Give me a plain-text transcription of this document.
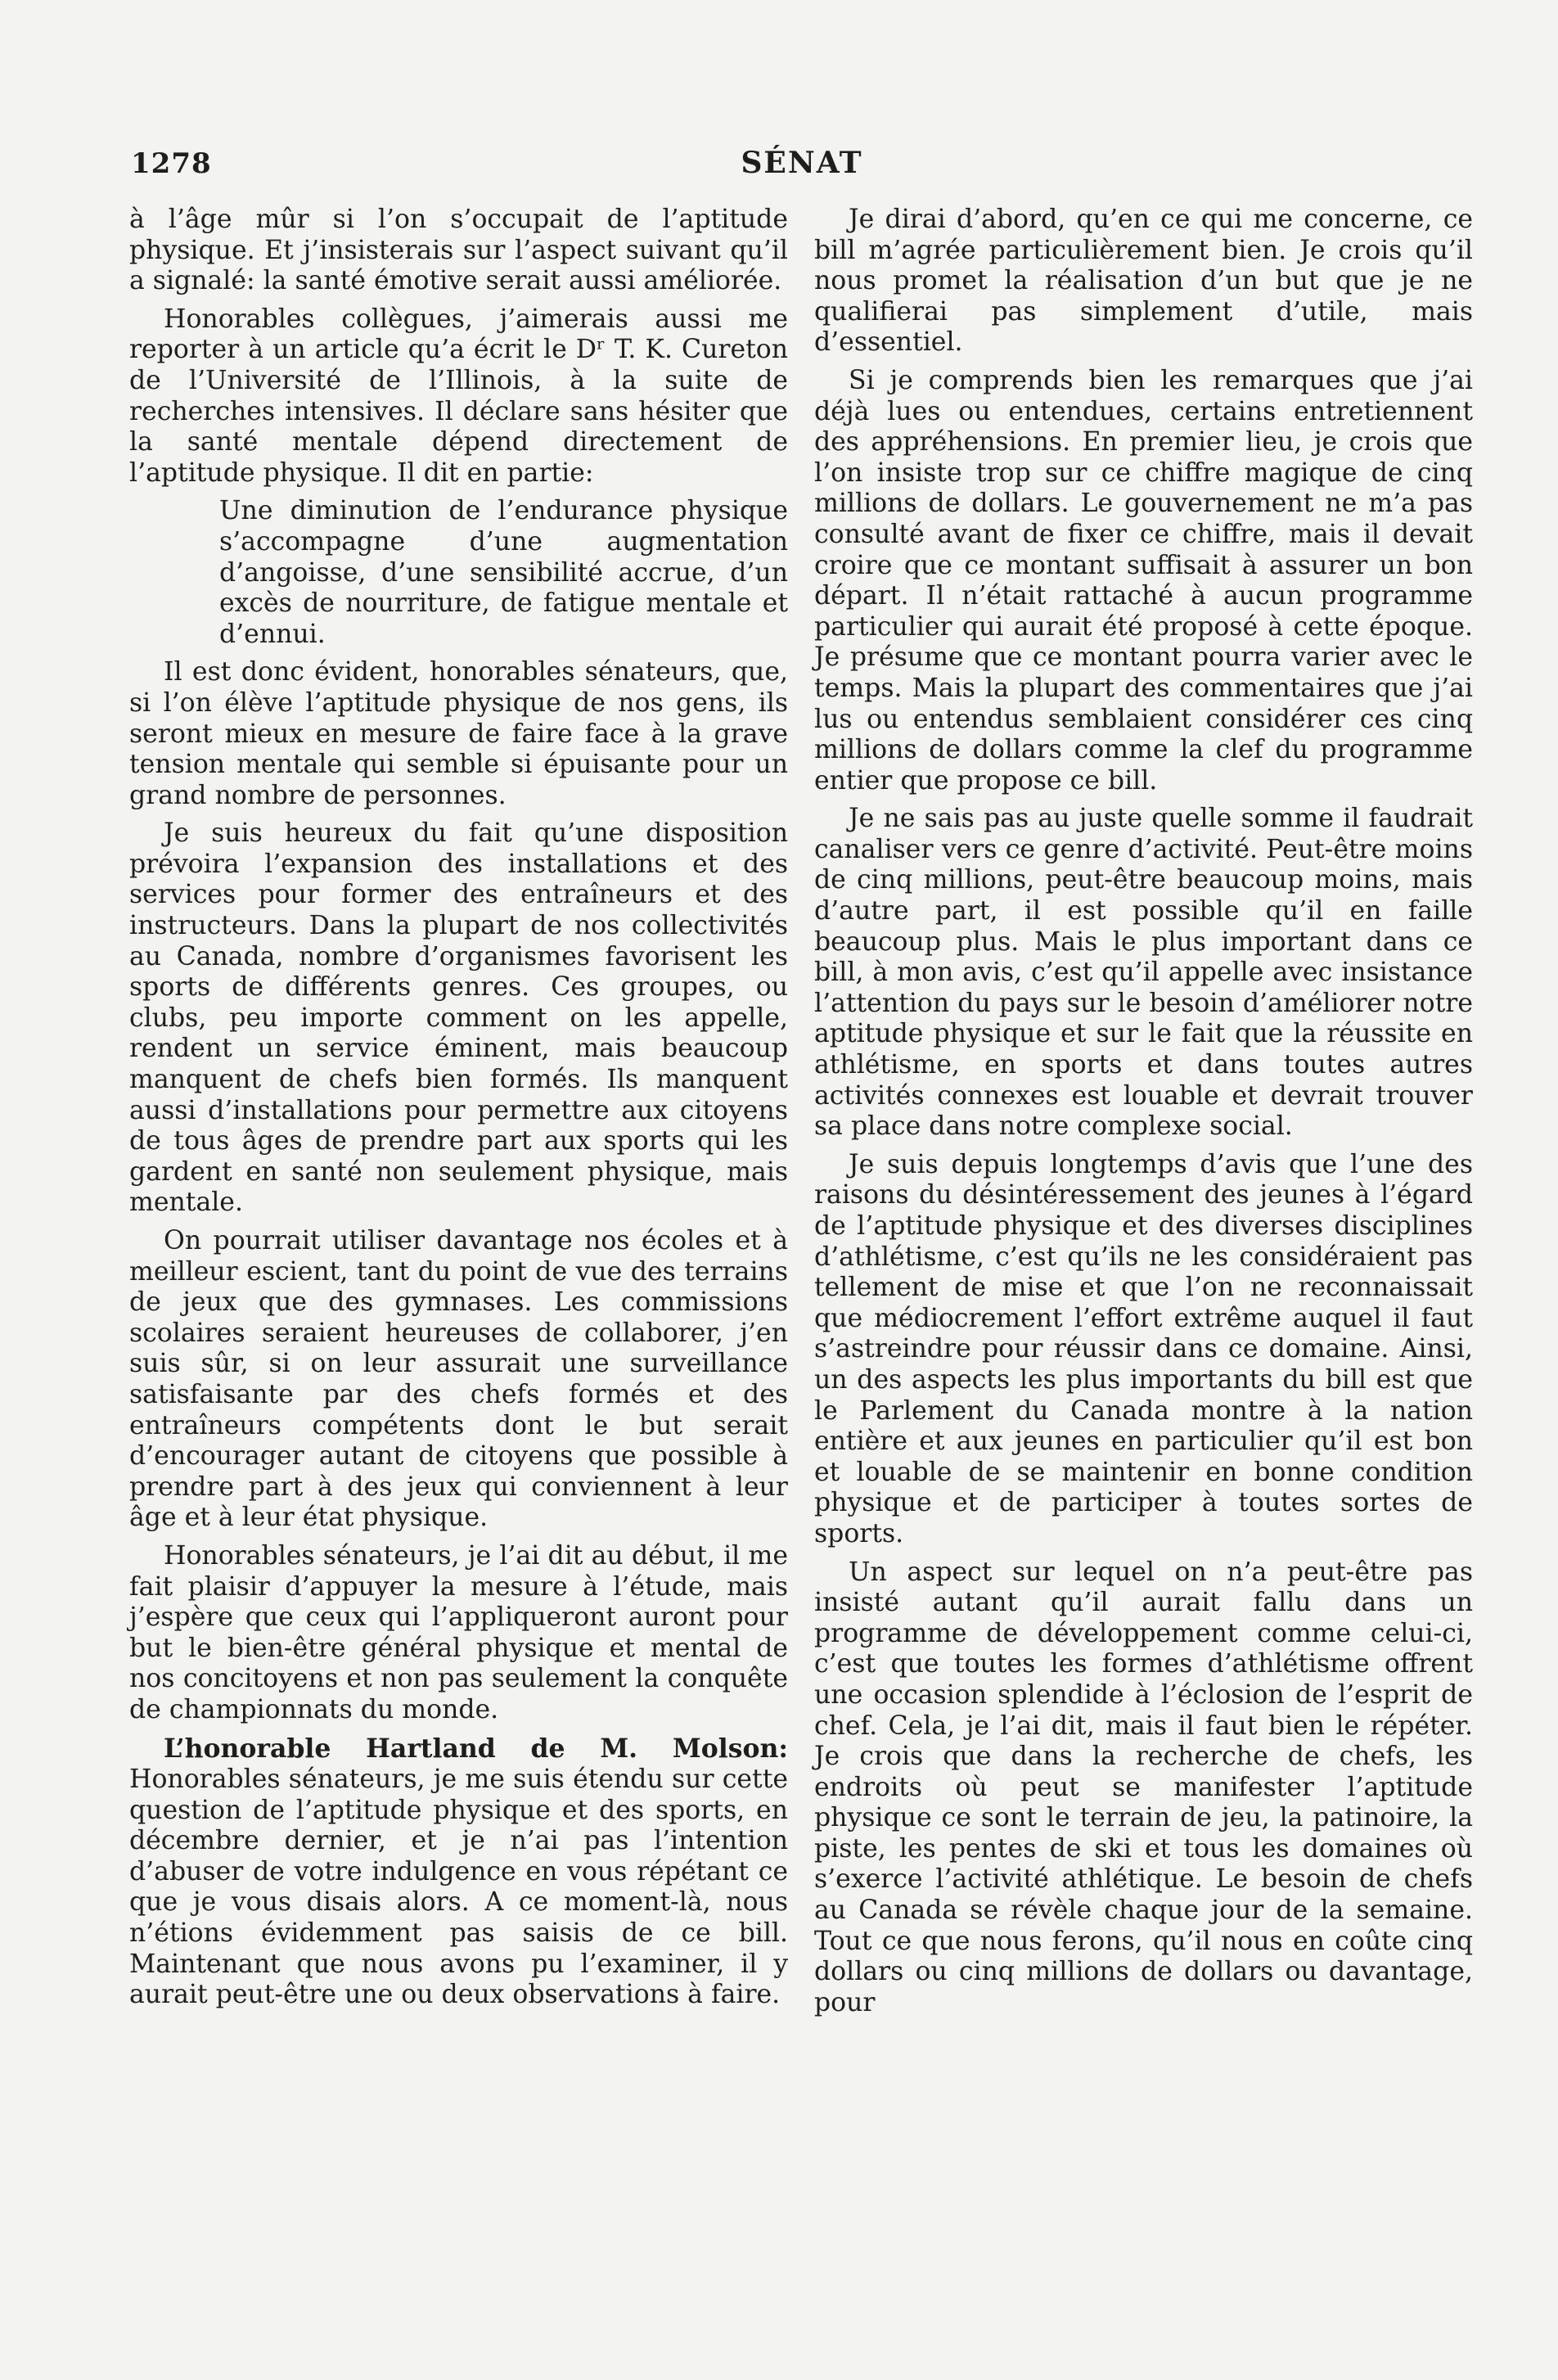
1278	SÉNAT

à l’âge mûr si l’on s’occupait de l’aptitude physique. Et j’insisterais sur l’aspect suivant qu’il a signalé: la santé émotive serait aussi améliorée.

Honorables collègues, j’aimerais aussi me reporter à un article qu’a écrit le Dʳ T. K. Cureton de l’Université de l’Illinois, à la suite de recherches intensives. Il déclare sans hésiter que la santé mentale dépend directement de l’aptitude physique. Il dit en partie:

Une diminution de l’endurance physique s’accompagne d’une augmentation d’angoisse, d’une sensibilité accrue, d’un excès de nourriture, de fatigue mentale et d’ennui.

Il est donc évident, honorables sénateurs, que, si l’on élève l’aptitude physique de nos gens, ils seront mieux en mesure de faire face à la grave tension mentale qui semble si épuisante pour un grand nombre de personnes.

Je suis heureux du fait qu’une disposition prévoira l’expansion des installations et des services pour former des entraîneurs et des instructeurs. Dans la plupart de nos collectivités au Canada, nombre d’organismes favorisent les sports de différents genres. Ces groupes, ou clubs, peu importe comment on les appelle, rendent un service éminent, mais beaucoup manquent de chefs bien formés. Ils manquent aussi d’installations pour permettre aux citoyens de tous âges de prendre part aux sports qui les gardent en santé non seulement physique, mais mentale.

On pourrait utiliser davantage nos écoles et à meilleur escient, tant du point de vue des terrains de jeux que des gymnases. Les commissions scolaires seraient heureuses de collaborer, j’en suis sûr, si on leur assurait une surveillance satisfaisante par des chefs formés et des entraîneurs compétents dont le but serait d’encourager autant de citoyens que possible à prendre part à des jeux qui conviennent à leur âge et à leur état physique.

Honorables sénateurs, je l’ai dit au début, il me fait plaisir d’appuyer la mesure à l’étude, mais j’espère que ceux qui l’appliqueront auront pour but le bien-être général physique et mental de nos concitoyens et non pas seulement la conquête de championnats du monde.

L’honorable Hartland de M. Molson: Honorables sénateurs, je me suis étendu sur cette question de l’aptitude physique et des sports, en décembre dernier, et je n’ai pas l’intention d’abuser de votre indulgence en vous répétant ce que je vous disais alors. A ce moment-là, nous n’étions évidemment pas saisis de ce bill. Maintenant que nous avons pu l’examiner, il y aurait peut-être une ou deux observations à faire.

Je dirai d’abord, qu’en ce qui me concerne, ce bill m’agrée particulièrement bien. Je crois qu’il nous promet la réalisation d’un but que je ne qualifierai pas simplement d’utile, mais d’essentiel.

Si je comprends bien les remarques que j’ai déjà lues ou entendues, certains entretiennent des appréhensions. En premier lieu, je crois que l’on insiste trop sur ce chiffre magique de cinq millions de dollars. Le gouvernement ne m’a pas consulté avant de fixer ce chiffre, mais il devait croire que ce montant suffisait à assurer un bon départ. Il n’était rattaché à aucun programme particulier qui aurait été proposé à cette époque. Je présume que ce montant pourra varier avec le temps. Mais la plupart des commentaires que j’ai lus ou entendus semblaient considérer ces cinq millions de dollars comme la clef du programme entier que propose ce bill.

Je ne sais pas au juste quelle somme il faudrait canaliser vers ce genre d’activité. Peut-être moins de cinq millions, peut-être beaucoup moins, mais d’autre part, il est possible qu’il en faille beaucoup plus. Mais le plus important dans ce bill, à mon avis, c’est qu’il appelle avec insistance l’attention du pays sur le besoin d’améliorer notre aptitude physique et sur le fait que la réussite en athlétisme, en sports et dans toutes autres activités connexes est louable et devrait trouver sa place dans notre complexe social.

Je suis depuis longtemps d’avis que l’une des raisons du désintéressement des jeunes à l’égard de l’aptitude physique et des diverses disciplines d’athlétisme, c’est qu’ils ne les considéraient pas tellement de mise et que l’on ne reconnaissait que médiocrement l’effort extrême auquel il faut s’astreindre pour réussir dans ce domaine. Ainsi, un des aspects les plus importants du bill est que le Parlement du Canada montre à la nation entière et aux jeunes en particulier qu’il est bon et louable de se maintenir en bonne condition physique et de participer à toutes sortes de sports.

Un aspect sur lequel on n’a peut-être pas insisté autant qu’il aurait fallu dans un programme de développement comme celui-ci, c’est que toutes les formes d’athlétisme offrent une occasion splendide à l’éclosion de l’esprit de chef. Cela, je l’ai dit, mais il faut bien le répéter. Je crois que dans la recherche de chefs, les endroits où peut se manifester l’aptitude physique ce sont le terrain de jeu, la patinoire, la piste, les pentes de ski et tous les domaines où s’exerce l’activité athlétique. Le besoin de chefs au Canada se révèle chaque jour de la semaine. Tout ce que nous ferons, qu’il nous en coûte cinq dollars ou cinq millions de dollars ou davantage, pour
